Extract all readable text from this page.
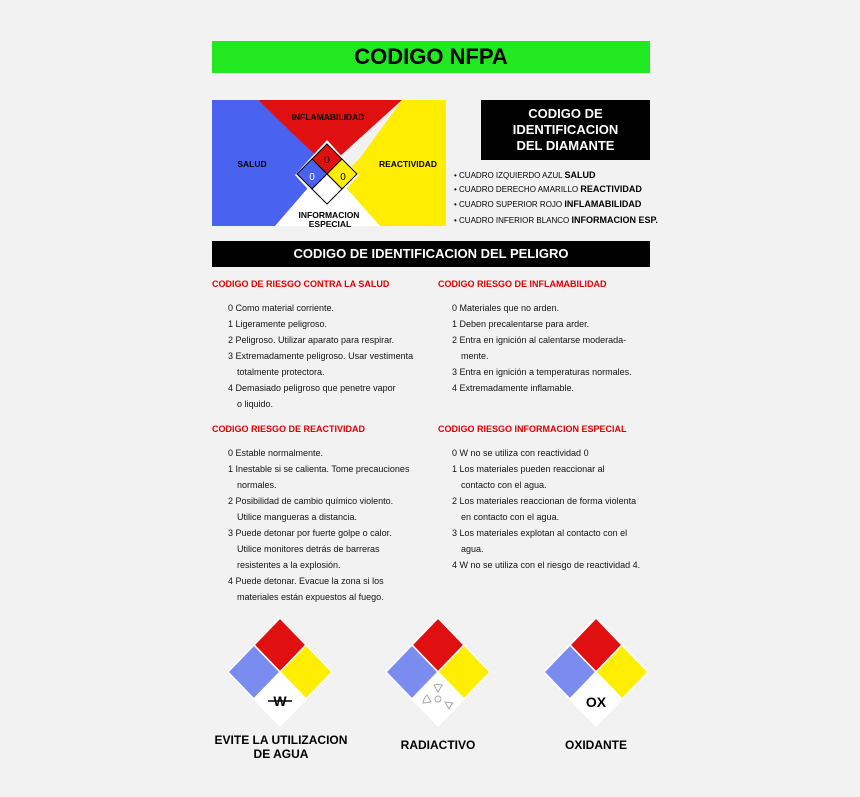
CODIGO NFPA
0
0	0
INFLAMABILIDAD
SALUD	REACTIVIDAD
INFORMACION
ESPECIAL
CODIGO DE
IDENTIFICACION
DEL DIAMANTE
• CUADRO IZQUIERDO AZUL SALUD
• CUADRO DERECHO AMARILLO REACTIVIDAD
• CUADRO SUPERIOR ROJO INFLAMABILIDAD
• CUADRO INFERIOR BLANCO INFORMACION ESP.
CODIGO DE IDENTIFICACION DEL PELIGRO
CODIGO DE RIESGO CONTRA LA SALUD
0 Como material corriente.
1 Ligeramente peligroso.
2 Peligroso. Utilizar aparato para respirar.
3 Extremadamente peligroso. Usar vestimenta
totalmente protectora.
4 Demasiado peligroso que penetre vapor
o liquido.
CODIGO RIESGO DE INFLAMABILIDAD
0 Materiales que no arden.
1 Deben precalentarse para arder.
2 Entra en ignición al calentarse moderada-
mente.
3 Entra en ignición a temperaturas normales.
4 Extremadamente inflamable.
CODIGO RIESGO DE REACTIVIDAD
0 Estable normalmente.
1 Inestable si se calienta. Tome precauciones
normales.
2 Posibilidad de cambio químico violento.
Utilice mangueras a distancia.
3 Puede detonar por fuerte golpe o calor.
Utilice monitores detrás de barreras
resistentes a la explosión.
4 Puede detonar. Evacue la zona si los
materiales están expuestos al fuego.
CODIGO RIESGO INFORMACION ESPECIAL
0 W no se utiliza con reactividad 0
1 Los materiales pueden reaccionar al
contacto con el agua.
2 Los materiales reaccionan de forma violenta
en contacto con el agua.
3 Los materiales explotan al contacto con el
agua.
4 W no se utiliza con el riesgo de reactividad 4.
W
EVITE LA UTILIZACION
DE AGUA
RADIACTIVO
OX
OXIDANTE
